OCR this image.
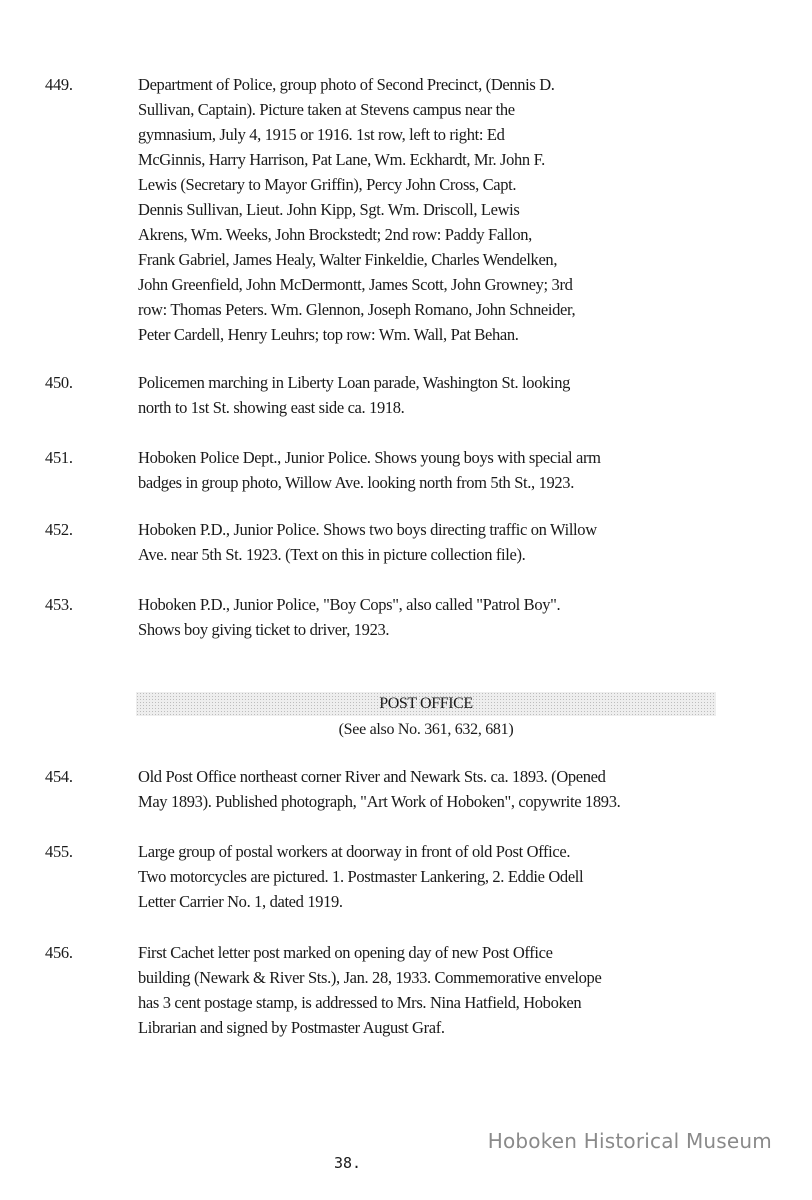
449.	Department of Police, group photo of Second Precinct, (Dennis D.
Sullivan, Captain). Picture taken at Stevens campus near the
gymnasium, July 4, 1915 or 1916. 1st row, left to right: Ed
McGinnis, Harry Harrison, Pat Lane, Wm. Eckhardt, Mr. John F.
Lewis (Secretary to Mayor Griffin), Percy John Cross, Capt.
Dennis Sullivan, Lieut. John Kipp, Sgt. Wm. Driscoll, Lewis
Akrens, Wm. Weeks, John Brockstedt; 2nd row: Paddy Fallon,
Frank Gabriel, James Healy, Walter Finkeldie, Charles Wendelken,
John Greenfield, John McDermontt, James Scott, John Growney; 3rd
row: Thomas Peters. Wm. Glennon, Joseph Romano, John Schneider,
Peter Cardell, Henry Leuhrs; top row: Wm. Wall, Pat Behan.
450.	Policemen marching in Liberty Loan parade, Washington St. looking
north to 1st St. showing east side ca. 1918.
451.	Hoboken Police Dept., Junior Police. Shows young boys with special arm
badges in group photo, Willow Ave. looking north from 5th St., 1923.
452.	Hoboken P.D., Junior Police. Shows two boys directing traffic on Willow
Ave. near 5th St. 1923. (Text on this in picture collection file).
453.	Hoboken P.D., Junior Police, "Boy Cops", also called "Patrol Boy".
Shows boy giving ticket to driver, 1923.
POST OFFICE
(See also No. 361, 632, 681)
454.	Old Post Office northeast corner River and Newark Sts. ca. 1893. (Opened
May 1893). Published photograph, "Art Work of Hoboken", copywrite 1893.
455.	Large group of postal workers at doorway in front of old Post Office.
Two motorcycles are pictured. 1. Postmaster Lankering, 2. Eddie Odell
Letter Carrier No. 1, dated 1919.
456.	First Cachet letter post marked on opening day of new Post Office
building (Newark & River Sts.), Jan. 28, 1933. Commemorative envelope
has 3 cent postage stamp, is addressed to Mrs. Nina Hatfield, Hoboken
Librarian and signed by Postmaster August Graf.
Hoboken Historical Museum
38.
